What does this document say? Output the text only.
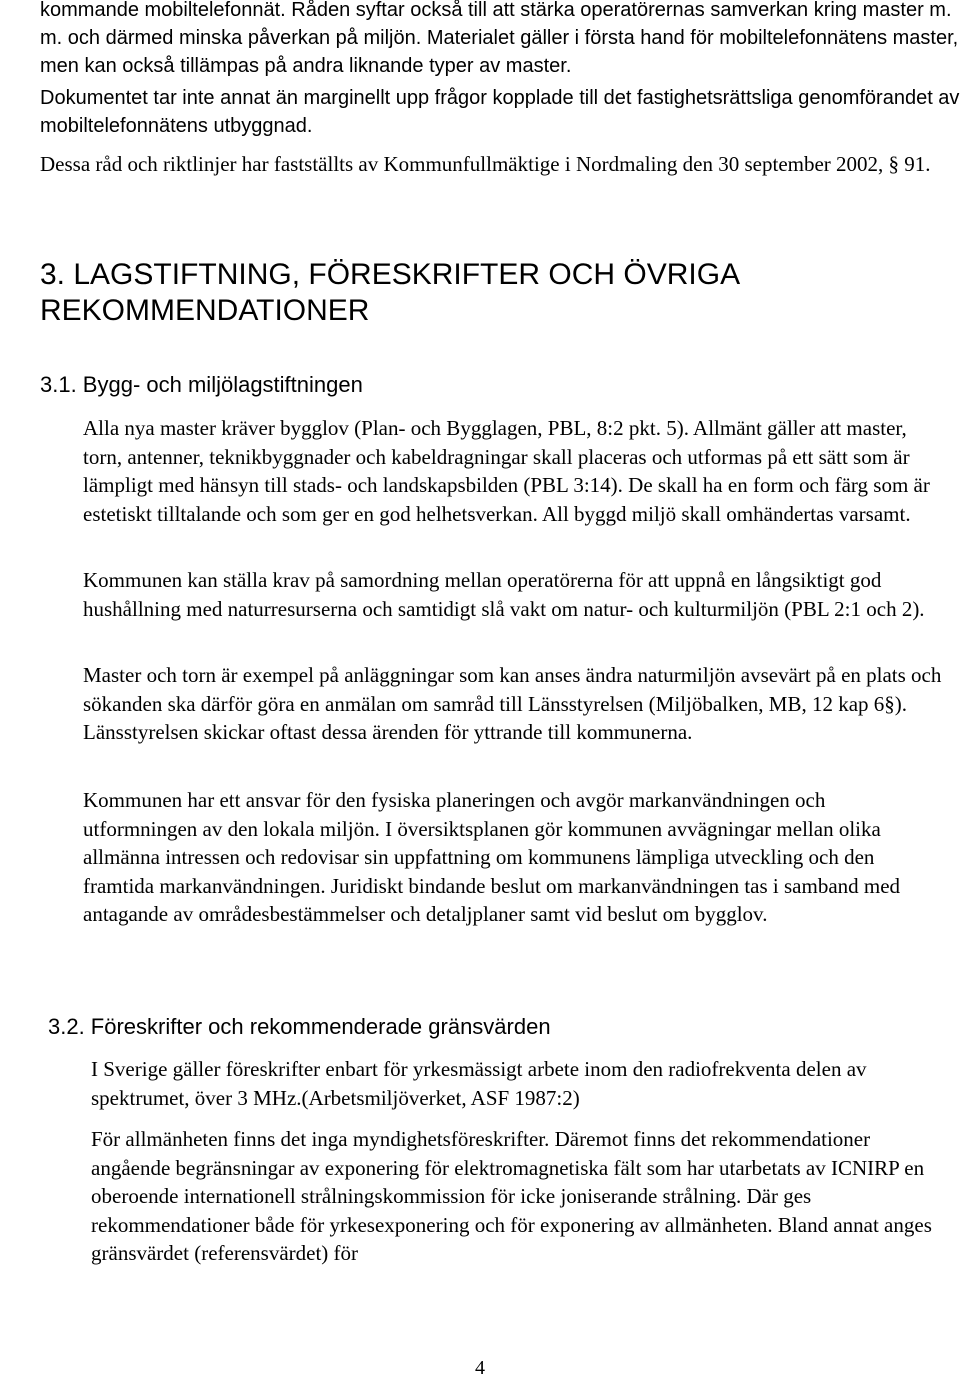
kommande mobiltelefonnät. Råden syftar också till att stärka operatörernas samverkan kring master m. m. och därmed minska påverkan på miljön. Materialet gäller i första hand för mobiltelefonnätens master, men kan också tillämpas på andra liknande typer av master.

Dokumentet tar inte annat än marginellt upp frågor kopplade till det fastighetsrättsliga genomförandet av mobiltelefonnätens utbyggnad.

Dessa råd och riktlinjer har fastställts av Kommunfullmäktige i Nordmaling den 30 september 2002, § 91.

3. LAGSTIFTNING, FÖRESKRIFTER OCH ÖVRIGA REKOMMENDATIONER
3.1. Bygg- och miljölagstiftningen

Alla nya master kräver bygglov (Plan- och Bygglagen, PBL, 8:2 pkt. 5). Allmänt gäller att master, torn, antenner, teknikbyggnader och kabeldragningar skall placeras och utformas på ett sätt som är lämpligt med hänsyn till stads- och landskapsbilden (PBL 3:14). De skall ha en form och färg som är estetiskt tilltalande och som ger en god helhetsverkan. All byggd miljö skall omhändertas varsamt.

Kommunen kan ställa krav på samordning mellan operatörerna för att uppnå en långsiktigt god hushållning med naturresurserna och samtidigt slå vakt om natur- och kulturmiljön (PBL 2:1 och 2).

Master och torn är exempel på anläggningar som kan anses ändra naturmiljön avsevärt på en plats och sökanden ska därför göra en anmälan om samråd till Länsstyrelsen (Miljöbalken, MB, 12 kap 6§). Länsstyrelsen skickar oftast dessa ärenden för yttrande till kommunerna.

Kommunen har ett ansvar för den fysiska planeringen och avgör markanvändningen och utformningen av den lokala miljön. I översiktsplanen gör kommunen avvägningar mellan olika allmänna intressen och redovisar sin uppfattning om kommunens lämpliga utveckling och den framtida markanvändningen. Juridiskt bindande beslut om markanvändningen tas i samband med antagande av områdesbestämmelser och detaljplaner samt vid beslut om bygglov.

3.2. Föreskrifter och rekommenderade gränsvärden

I Sverige gäller föreskrifter enbart för yrkesmässigt arbete inom den radiofrekventa delen av spektrumet, över 3 MHz.(Arbetsmiljöverket, ASF 1987:2)

För allmänheten finns det inga myndighetsföreskrifter. Däremot finns det rekommendationer angående begränsningar av exponering för elektromagnetiska fält som har utarbetats av ICNIRP en oberoende internationell strålningskommission för icke joniserande strålning. Där ges rekommendationer både för yrkesexponering och för exponering av allmänheten. Bland annat anges gränsvärdet (referensvärdet) för

4
